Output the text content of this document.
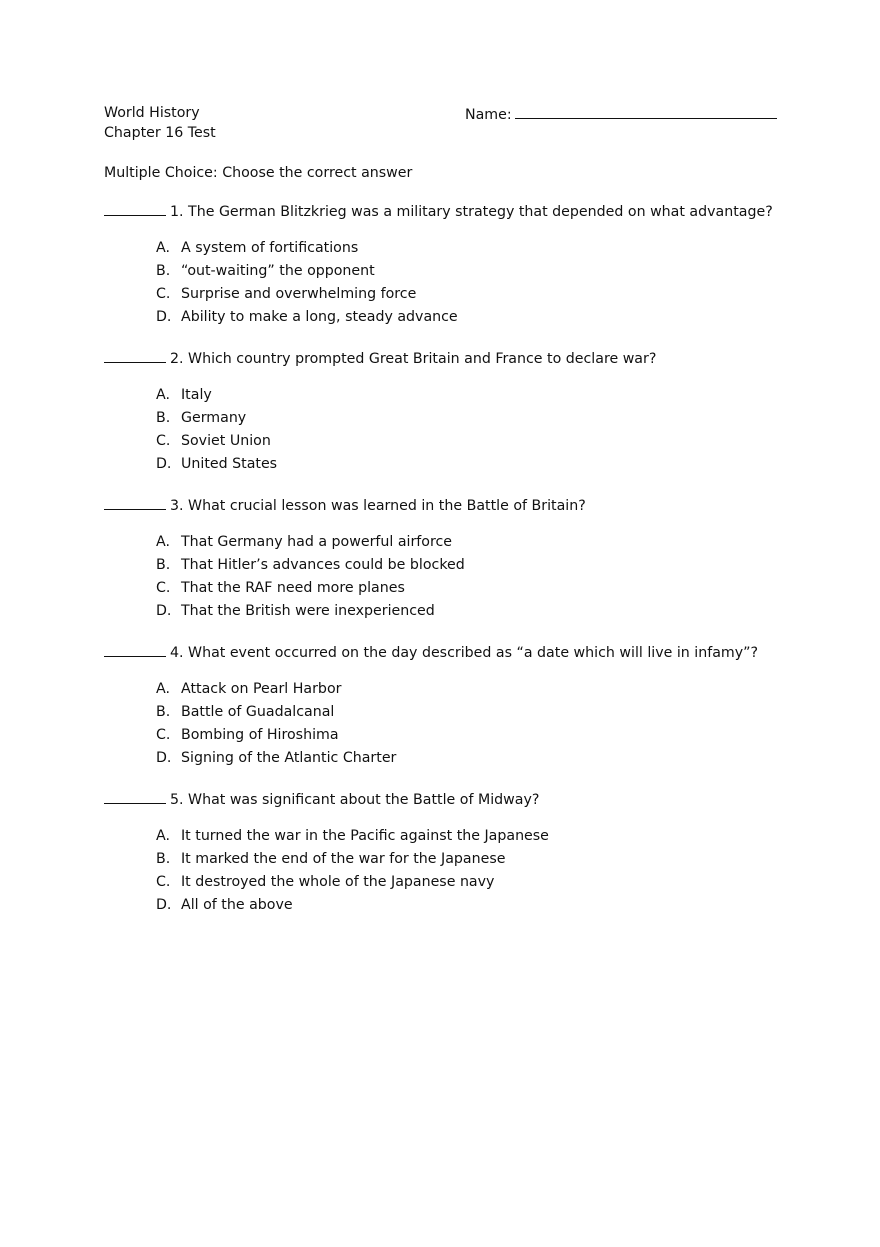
World History	Name:
Chapter 16 Test
Multiple Choice: Choose the correct answer
1. The German Blitzkrieg was a military strategy that depended on what advantage?
A. A system of fortifications
B. “out-waiting” the opponent
C. Surprise and overwhelming force
D. Ability to make a long, steady advance
2. Which country prompted Great Britain and France to declare war?
A. Italy
B. Germany
C. Soviet Union
D. United States
3. What crucial lesson was learned in the Battle of Britain?
A. That Germany had a powerful airforce
B. That Hitler’s advances could be blocked
C. That the RAF need more planes
D. That the British were inexperienced
4. What event occurred on the day described as “a date which will live in infamy”?
A. Attack on Pearl Harbor
B. Battle of Guadalcanal
C. Bombing of Hiroshima
D. Signing of the Atlantic Charter
5. What was significant about the Battle of Midway?
A. It turned the war in the Pacific against the Japanese
B. It marked the end of the war for the Japanese
C. It destroyed the whole of the Japanese navy
D. All of the above
